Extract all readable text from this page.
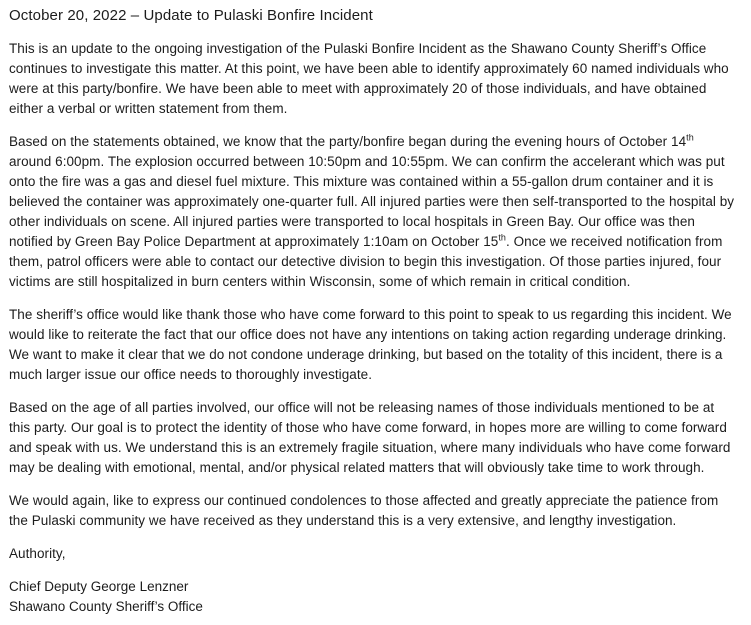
October 20, 2022 – Update to Pulaski Bonfire Incident

This is an update to the ongoing investigation of the Pulaski Bonfire Incident as the Shawano County Sheriff’s Office continues to investigate this matter. At this point, we have been able to identify approximately 60 named individuals who were at this party/bonfire. We have been able to meet with approximately 20 of those individuals, and have obtained either a verbal or written statement from them.

Based on the statements obtained, we know that the party/bonfire began during the evening hours of October 14th around 6:00pm. The explosion occurred between 10:50pm and 10:55pm. We can confirm the accelerant which was put onto the fire was a gas and diesel fuel mixture. This mixture was contained within a 55-gallon drum container and it is believed the container was approximately one-quarter full. All injured parties were then self-transported to the hospital by other individuals on scene. All injured parties were transported to local hospitals in Green Bay. Our office was then notified by Green Bay Police Department at approximately 1:10am on October 15th. Once we received notification from them, patrol officers were able to contact our detective division to begin this investigation. Of those parties injured, four victims are still hospitalized in burn centers within Wisconsin, some of which remain in critical condition.

The sheriff’s office would like thank those who have come forward to this point to speak to us regarding this incident. We would like to reiterate the fact that our office does not have any intentions on taking action regarding underage drinking. We want to make it clear that we do not condone underage drinking, but based on the totality of this incident, there is a much larger issue our office needs to thoroughly investigate.

Based on the age of all parties involved, our office will not be releasing names of those individuals mentioned to be at this party. Our goal is to protect the identity of those who have come forward, in hopes more are willing to come forward and speak with us. We understand this is an extremely fragile situation, where many individuals who have come forward may be dealing with emotional, mental, and/or physical related matters that will obviously take time to work through.

We would again, like to express our continued condolences to those affected and greatly appreciate the patience from the Pulaski community we have received as they understand this is a very extensive, and lengthy investigation.

Authority,

Chief Deputy George Lenzner
Shawano County Sheriff’s Office
